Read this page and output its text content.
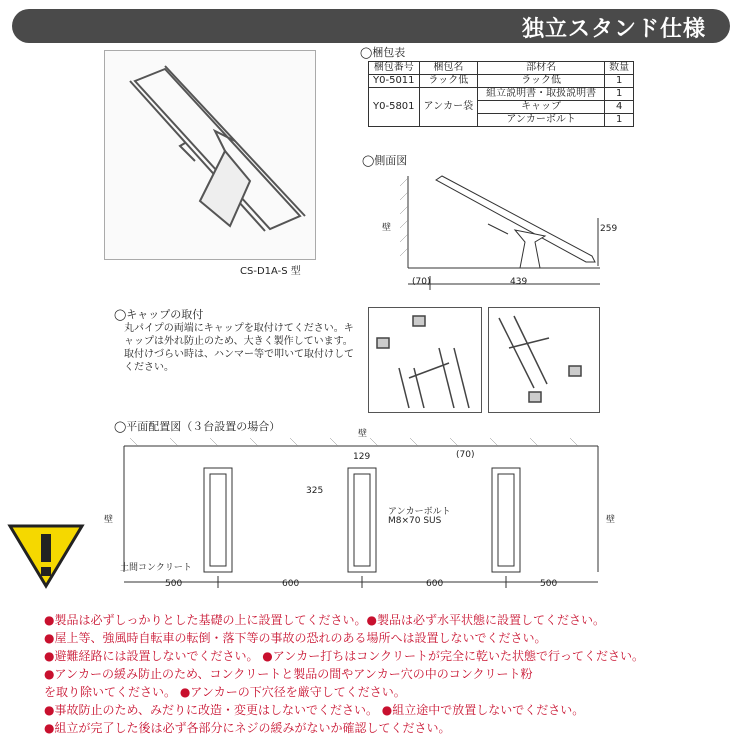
独立スタンド仕様
CS-D1A-S 型
◯梱包表
梱包番号	梱包名	部材名	数量
Y0-5011	ラック低	ラック低	1
Y0-5801	アンカー袋	組立説明書・取扱説明書	1
		キャップ	4
		アンカーボルト	1
◯側面図
壁	259
(70)	439
◯キャップの取付
丸パイプの両端にキャップを取付けてください。キャップは外れ防止のため、大きく製作しています。取付けづらい時は、ハンマー等で叩いて取付けしてください。
◯平面配置図（３台設置の場合）
壁
壁	壁
129
325
(70)
アンカーボルト
M8×70 SUS
土間コンクリート
500	600	600	500
●製品は必ずしっかりとした基礎の上に設置してください。●製品は必ず水平状態に設置してください。
●屋上等、強風時自転車の転倒・落下等の事故の恐れのある場所へは設置しないでください。
●避難経路には設置しないでください。 ●アンカー打ちはコンクリートが完全に乾いた状態で行ってください。
●アンカーの緩み防止のため、コンクリートと製品の間やアンカー穴の中のコンクリート粉
を取り除いてください。 ●アンカーの下穴径を厳守してください。
●事故防止のため、みだりに改造・変更はしないでください。 ●組立途中で放置しないでください。
●組立が完了した後は必ず各部分にネジの緩みがないか確認してください。
